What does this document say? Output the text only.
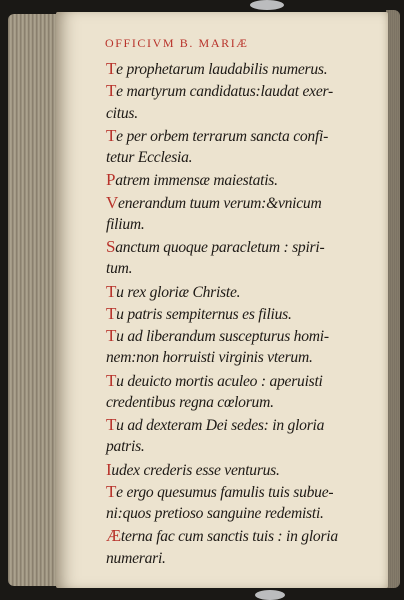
OFFICIVM B. MARIÆ
Te prophetarum laudabilis numerus.
Te martyrum candidatus:laudat exer-
citus.
Te per orbem terrarum sancta confi-
tetur Ecclesia.
Patrem immensæ maiestatis.
Venerandum tuum verum:&vnicum
filium.
Sanctum quoque paracletum : spiri-
tum.
Tu rex gloriæ Christe.
Tu patris sempiternus es filius.
Tu ad liberandum suscepturus homi-
nem:non horruisti virginis vterum.
Tu deuicto mortis aculeo : aperuisti
credentibus regna cœlorum.
Tu ad dexteram Dei sedes: in gloria
patris.
Iudex crederis esse venturus.
Te ergo quesumus famulis tuis subue-
ni:quos pretioso sanguine redemisti.
Æterna fac cum sanctis tuis : in gloria
numerari.
